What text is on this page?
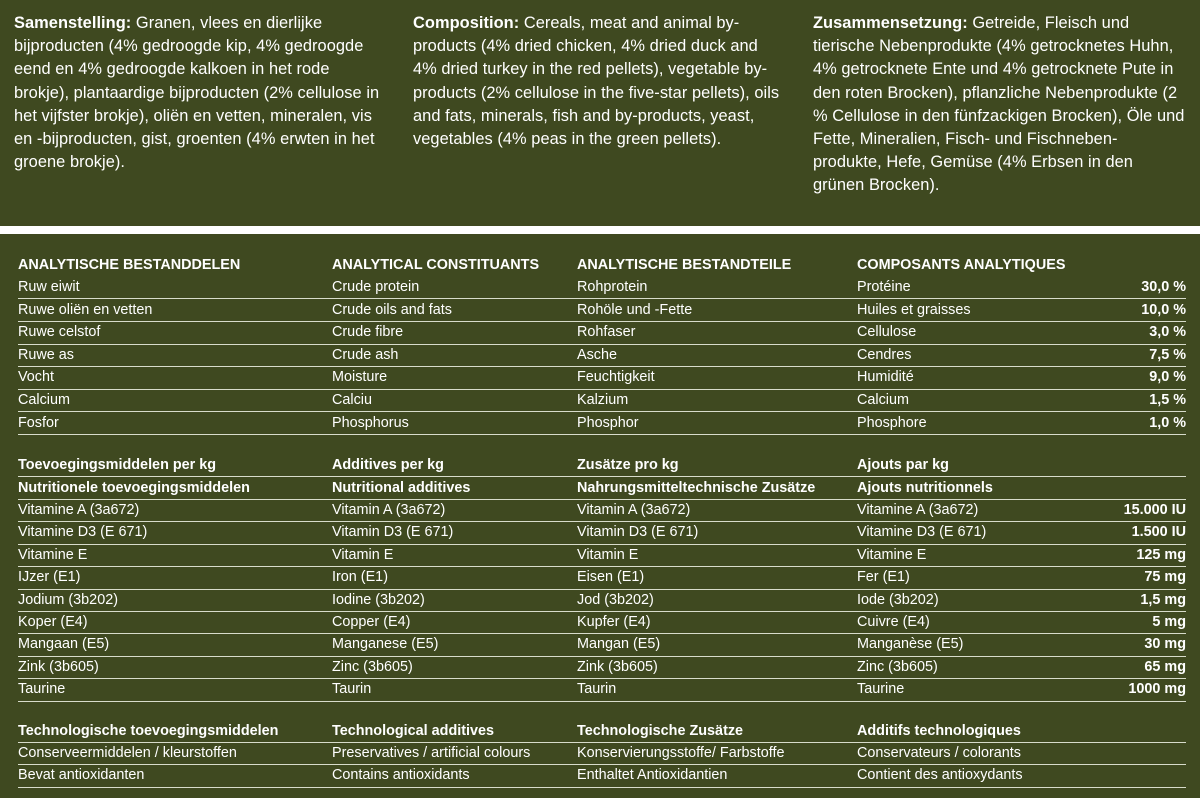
Samenstelling: Granen, vlees en dierlijke bijproducten (4% gedroogde kip, 4% gedroogde eend en 4% gedroogde kalkoen in het rode brokje), plantaardige bijproducten (2% cellulose in het vijfster brokje), oliën en vetten, mineralen, vis en -bijproducten, gist, groenten (4% erwten in het groene brokje).
Composition: Cereals, meat and animal by-products (4% dried chicken, 4% dried duck and 4% dried turkey in the red pellets), vegetable by-products (2% cellulose in the five-star pellets), oils and fats, minerals, fish and by-products, yeast, vegetables (4% peas in the green pellets).
Zusammensetzung: Getreide, Fleisch und tierische Nebenprodukte (4% getrocknetes Huhn, 4% getrocknete Ente und 4% getrocknete Pute in den roten Brocken), pflanzliche Nebenprodukte (2 % Cellulose in den fünfzackigen Brocken), Öle und Fette, Mineralien, Fisch- und Fischneben-produkte, Hefe, Gemüse (4% Erbsen in den grünen Brocken).
ANALYTISCHE BESTANDDELEN	ANALYTICAL CONSTITUANTS	ANALYTISCHE BESTANDTEILE	COMPOSANTS ANALYTIQUES
Ruw eiwit	Crude protein	Rohprotein	Protéine	30,0 %
Ruwe oliën en vetten	Crude oils and fats	Rohöle und -Fette	Huiles et graisses	10,0 %
Ruwe celstof	Crude fibre	Rohfaser	Cellulose	3,0 %
Ruwe as	Crude ash	Asche	Cendres	7,5 %
Vocht	Moisture	Feuchtigkeit	Humidité	9,0 %
Calcium	Calciu	Kalzium	Calcium	1,5 %
Fosfor	Phosphorus	Phosphor	Phosphore	1,0 %
Toevoegingsmiddelen per kg	Additives per kg	Zusätze pro kg	Ajouts par kg
Nutritionele toevoegingsmiddelen	Nutritional additives	Nahrungsmitteltechnische Zusätze	Ajouts nutritionnels
Vitamine A (3a672)	Vitamin A (3a672)	Vitamin A (3a672)	Vitamine A (3a672)	15.000 IU
Vitamine D3 (E 671)	Vitamin D3 (E 671)	Vitamin D3 (E 671)	Vitamine D3 (E 671)	1.500 IU
Vitamine E	Vitamin E	Vitamin E	Vitamine E	125 mg
IJzer (E1)	Iron (E1)	Eisen (E1)	Fer (E1)	75 mg
Jodium (3b202)	Iodine (3b202)	Jod (3b202)	Iode (3b202)	1,5 mg
Koper (E4)	Copper (E4)	Kupfer (E4)	Cuivre (E4)	5 mg
Mangaan (E5)	Manganese (E5)	Mangan (E5)	Manganèse (E5)	30 mg
Zink (3b605)	Zinc (3b605)	Zink (3b605)	Zinc (3b605)	65 mg
Taurine	Taurin	Taurin	Taurine	1000 mg
Technologische toevoegingsmiddelen	Technological additives	Technologische Zusätze	Additifs technologiques
Conserveermiddelen / kleurstoffen	Preservatives / artificial colours	Konservierungsstoffe/ Farbstoffe	Conservateurs / colorants
Bevat antioxidanten	Contains antioxidants	Enthaltet Antioxidantien	Contient des antioxydants
